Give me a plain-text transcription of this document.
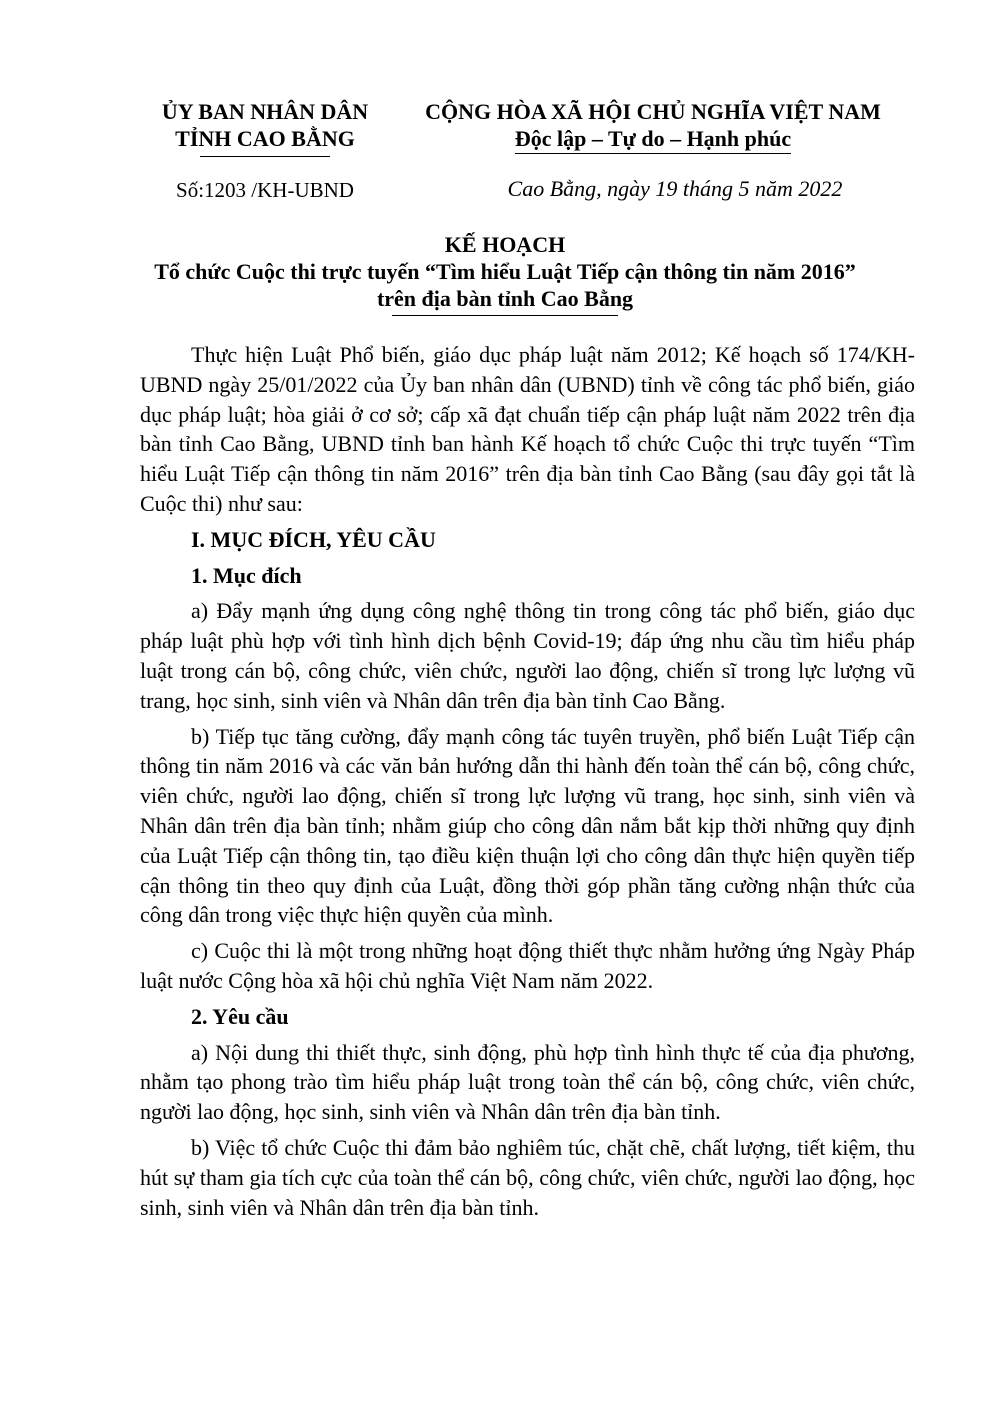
ỦY BAN NHÂN DÂN
TỈNH CAO BẰNG
CỘNG HÒA XÃ HỘI CHỦ NGHĨA VIỆT NAM
Độc lập – Tự do – Hạnh phúc
Số:1203 /KH-UBND	Cao Bằng, ngày 19 tháng 5 năm 2022
KẾ HOẠCH
Tổ chức Cuộc thi trực tuyến “Tìm hiểu Luật Tiếp cận thông tin năm 2016”
trên địa bàn tỉnh Cao Bằng

Thực hiện Luật Phổ biến, giáo dục pháp luật năm 2012; Kế hoạch số 174/KH-UBND ngày 25/01/2022 của Ủy ban nhân dân (UBND) tỉnh về công tác phổ biến, giáo dục pháp luật; hòa giải ở cơ sở; cấp xã đạt chuẩn tiếp cận pháp luật năm 2022 trên địa bàn tỉnh Cao Bằng, UBND tỉnh ban hành Kế hoạch tổ chức Cuộc thi trực tuyến “Tìm hiểu Luật Tiếp cận thông tin năm 2016” trên địa bàn tỉnh Cao Bằng (sau đây gọi tắt là Cuộc thi) như sau:

I. MỤC ĐÍCH, YÊU CẦU

1. Mục đích

a) Đẩy mạnh ứng dụng công nghệ thông tin trong công tác phổ biến, giáo dục pháp luật phù hợp với tình hình dịch bệnh Covid-19; đáp ứng nhu cầu tìm hiểu pháp luật trong cán bộ, công chức, viên chức, người lao động, chiến sĩ trong lực lượng vũ trang, học sinh, sinh viên và Nhân dân trên địa bàn tỉnh Cao Bằng.

b) Tiếp tục tăng cường, đẩy mạnh công tác tuyên truyền, phổ biến Luật Tiếp cận thông tin năm 2016 và các văn bản hướng dẫn thi hành đến toàn thể cán bộ, công chức, viên chức, người lao động, chiến sĩ trong lực lượng vũ trang, học sinh, sinh viên và Nhân dân trên địa bàn tỉnh; nhằm giúp cho công dân nắm bắt kịp thời những quy định của Luật Tiếp cận thông tin, tạo điều kiện thuận lợi cho công dân thực hiện quyền tiếp cận thông tin theo quy định của Luật, đồng thời góp phần tăng cường nhận thức của công dân trong việc thực hiện quyền của mình.

c) Cuộc thi là một trong những hoạt động thiết thực nhằm hưởng ứng Ngày Pháp luật nước Cộng hòa xã hội chủ nghĩa Việt Nam năm 2022.

2. Yêu cầu

a) Nội dung thi thiết thực, sinh động, phù hợp tình hình thực tế của địa phương, nhằm tạo phong trào tìm hiểu pháp luật trong toàn thể cán bộ, công chức, viên chức, người lao động, học sinh, sinh viên và Nhân dân trên địa bàn tỉnh.

b) Việc tổ chức Cuộc thi đảm bảo nghiêm túc, chặt chẽ, chất lượng, tiết kiệm, thu hút sự tham gia tích cực của toàn thể cán bộ, công chức, viên chức, người lao động, học sinh, sinh viên và Nhân dân trên địa bàn tỉnh.
